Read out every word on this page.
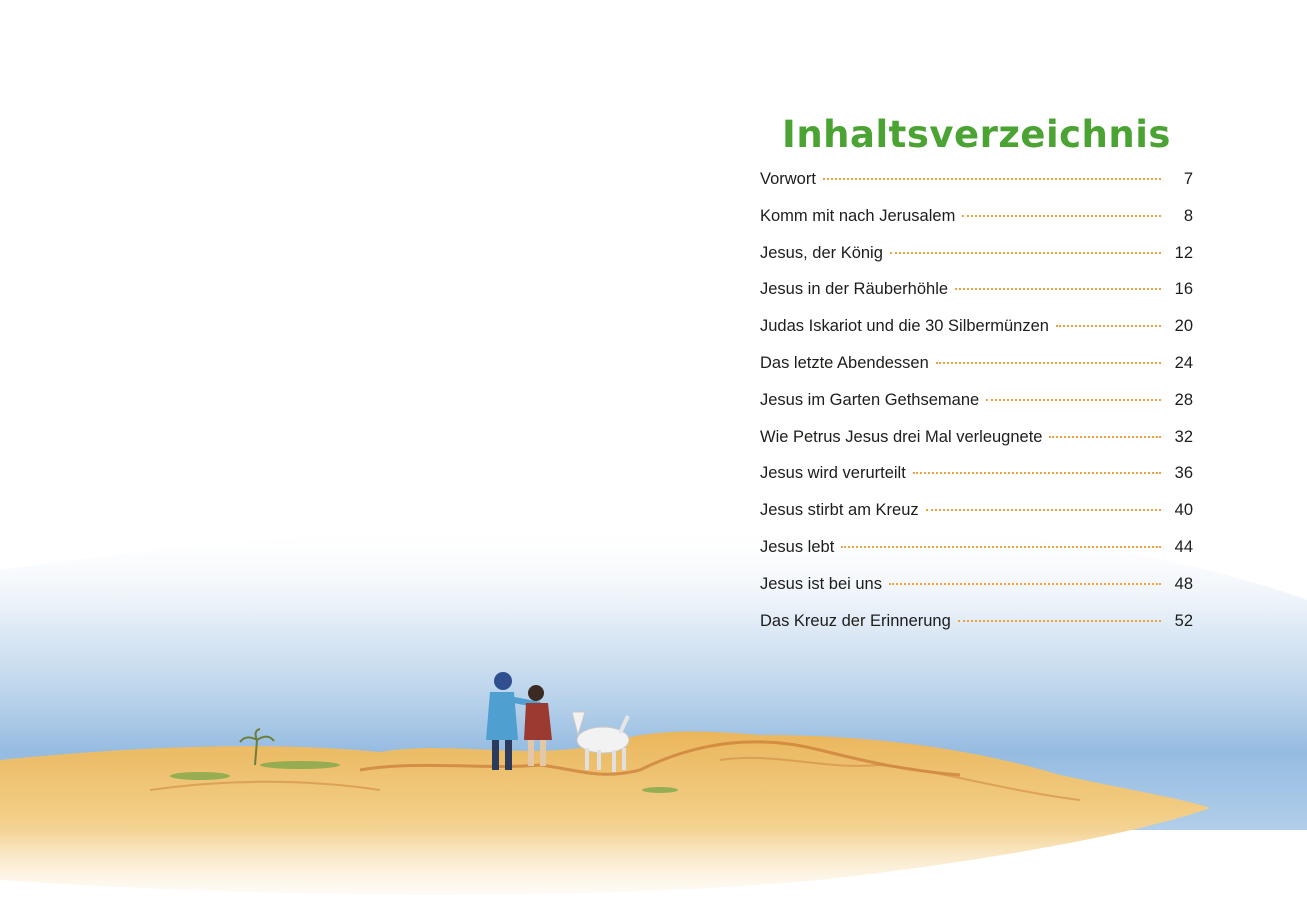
Inhaltsverzeichnis
Vorwort	7
Komm mit nach Jerusalem	8
Jesus, der König	12
Jesus in der Räuberhöhle	16
Judas Iskariot und die 30 Silbermünzen	20
Das letzte Abendessen	24
Jesus im Garten Gethsemane	28
Wie Petrus Jesus drei Mal verleugnete	32
Jesus wird verurteilt	36
Jesus stirbt am Kreuz	40
Jesus lebt	44
Jesus ist bei uns	48
Das Kreuz der Erinnerung	52
